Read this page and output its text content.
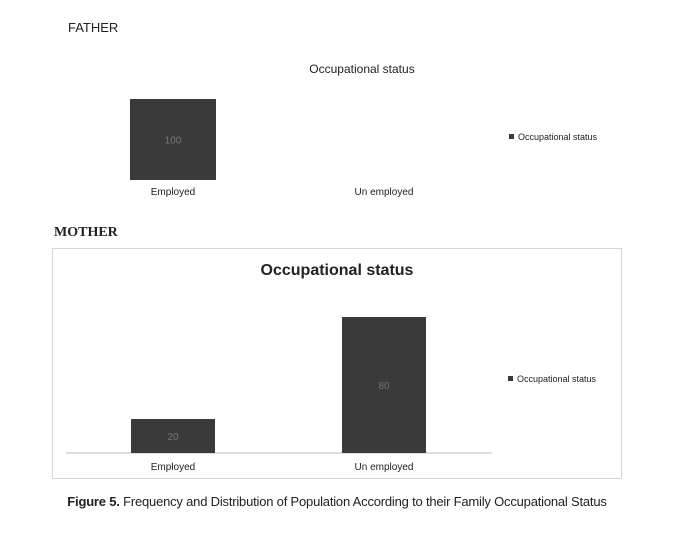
FATHER
Occupational status
100
Employed	Un employed
Occupational status
MOTHER
Occupational status
20
80
Employed	Un employed
Occupational status
Figure 5. Frequency and Distribution of Population According to their Family Occupational Status
